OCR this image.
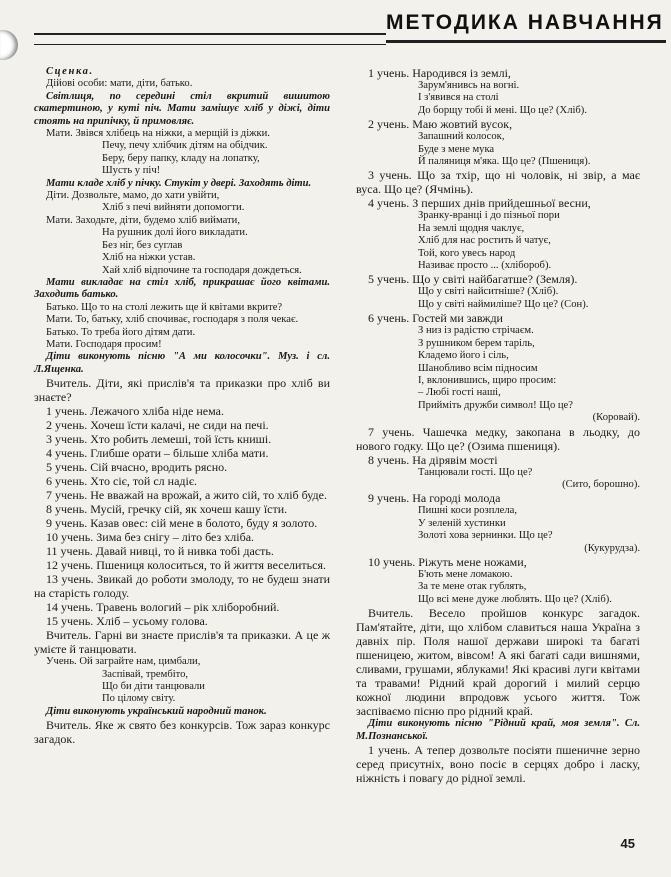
МЕТОДИКА НАВЧАННЯ

Сценка.

Дійові особи: мати, діти, батько.

Світлиця, по середині стіл вкритий вишитою скатертиною, у куті піч. Мати замішує хліб у діжі, діти стоять на припічку, й примовляє.

Мати. Звівся хлібець на ніжки, а мерщій із діжки.

Печу, печу хлібчик дітям на обідчик.

Беру, беру папку, кладу на лопатку,

Шусть у піч!

Мати кладе хліб у пічку. Стукіт у двері. Заходять діти.

Діти. Дозвольте, мамо, до хати увійти,

Хліб з печі вийняти допомогти.

Мати. Заходьте, діти, будемо хліб виймати,

На рушник долі його викладати.

Без ніг, без суглав

Хліб на ніжки устав.

Хай хліб відпочине та господаря дождеться.

Мати викладає на стіл хліб, прикрашає його квітами. Заходить батько.

Батько. Що то на столі лежить ще й квітами вкрите?

Мати. То, батьку, хліб спочиває, господаря з поля чекає.

Батько. То треба його дітям дати.

Мати. Господаря просим!

Діти виконують пісню "А ми колосочки". Муз. і сл. Л.Ященка.

Вчитель. Діти, які прислів'я та приказки про хліб ви знаєте?

1 учень. Лежачого хліба ніде нема.

2 учень. Хочеш їсти калачі, не сиди на печі.

3 учень. Хто робить лемеші, той їсть книші.

4 учень. Глибше орати – більше хліба мати.

5 учень. Сій вчасно, вродить рясно.

6 учень. Хто сіє, той сл надіє.

7 учень. Не вважай на врожай, а жито сій, то хліб буде.

8 учень. Мусій, гречку сій, як хочеш кашу їсти.

9 учень. Казав овес: сій мене в болото, буду я золото.

10 учень. Зима без снігу – літо без хліба.

11 учень. Давай нивці, то й нивка тобі дасть.

12 учень. Пшениця колоситься, то й життя веселиться.

13 учень. Звикай до роботи змолоду, то не будеш знати на старість голоду.

14 учень. Травень вологий – рік хліборобний.

15 учень. Хліб – усьому голова.

Вчитель. Гарні ви знаєте прислів'я та приказки. А це ж умієте й танцювати.

Учень. Ой заграйте нам, цимбали,

Заспівай, трембіто,

Що би діти танцювали

По цілому світу.

Діти виконують український народний танок.

Вчитель. Яке ж свято без конкурсів. Тож зараз конкурс загадок.

1 учень. Народився із землі,

Зарум'янивсь на вогні.

І з'явився на столі

До борщу тобі й мені. Що це? (Хліб).

2 учень. Маю жовтий вусок,

Запашний колосок,

Буде з мене мука

Й паляниця м'яка. Що це? (Пшениця).

3 учень. Що за тхір, що ні чоловік, ні звір, а має вуса. Що це? (Ячмінь).

4 учень. З перших днів прийдешньої весни,

Зранку-вранці і до пізньої пори

На землі щодня чаклує,

Хліб для нас ростить й чатує,

Той, кого увесь народ

Називає просто ... (хлібороб).

5 учень. Що у світі найбагатше? (Земля).

Що у світі найситніше? (Хліб).

Що у світі наймиліше? Що це? (Сон).

6 учень. Гостей ми завжди

З низ із радістю стрічаєм.

З рушником берем таріль,

Кладемо його і сіль,

Шанобливо всім підносим

І, вклонившись, щиро просим:

– Любі гості наші,

Прийміть дружби символ! Що це?

(Коровай).

7 учень. Чашечка медку, закопана в льодку, до нового годку. Що це? (Озима пшениця).

8 учень. На дірявім мості

Танцювали гості. Що це?

(Сито, борошно).

9 учень. На городі молода

Пишні коси розплела,

У зеленій хустинки

Золоті хова зернинки. Що це?

(Кукурудза).

10 учень. Ріжуть мене ножами,

Б'ють мене ломакою.

За те мене отак гублять,

Що всі мене дуже люблять. Що це? (Хліб).

Вчитель. Весело пройшов конкурс загадок. Пам'ятайте, діти, що хлібом славиться наша Україна з давніх пір. Поля нашої держави широкі та багаті пшеницею, житом, вівсом! А які багаті сади вишнями, сливами, грушами, яблуками! Які красиві луги квітами та травами! Рідний край дорогий і милий серцю кожної людини впродовж усього життя. Тож заспіваємо пісню про рідний край.

Діти виконують пісню "Рідний край, моя земля". Сл. М.Познанської.

1 учень. А тепер дозвольте посіяти пшеничне зерно серед присутніх, воно посіє в серцях добро і ласку, ніжність і повагу до рідної землі.

45
